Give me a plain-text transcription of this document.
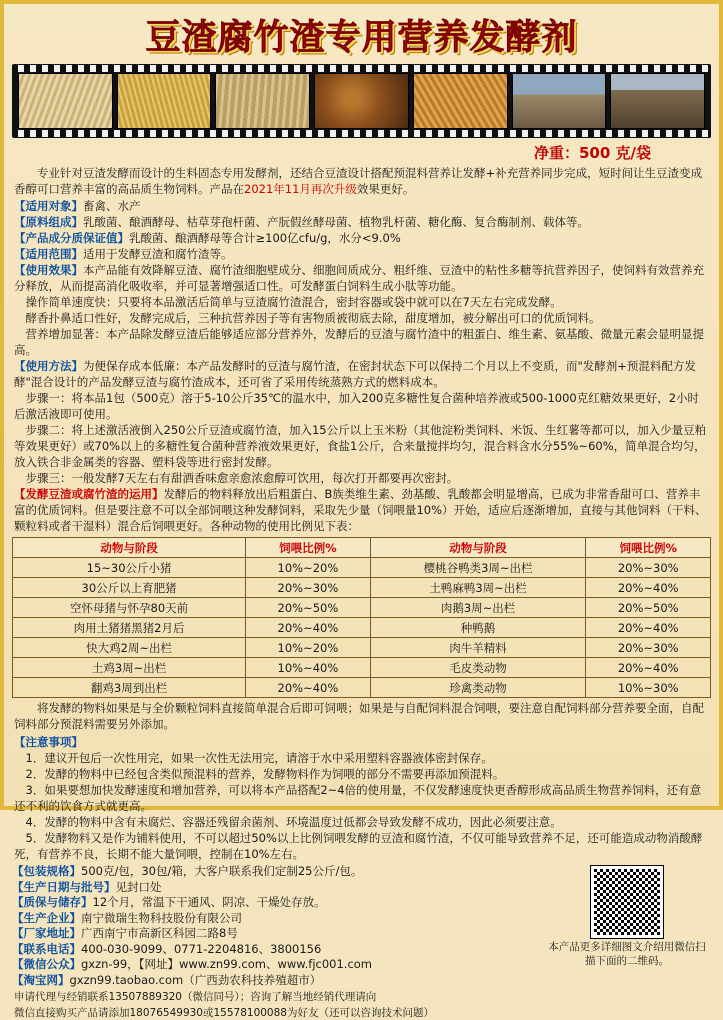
豆渣腐竹渣专用营养发酵剂
净重：500 克/袋
专业针对豆渣发酵而设计的生料固态专用发酵剂，还结合豆渣设计搭配预混料营养让发酵+补充营养同步完成，短时间让生豆渣变成香醇可口营养丰富的高品质生物饲料。产品在2021年11月再次升级效果更好。
【适用对象】畜禽、水产
【原料组成】乳酸菌、酿酒酵母、枯草芽孢杆菌、产朊假丝酵母菌、植物乳杆菌、糖化酶、复合酶制剂、载体等。
【产品成分质保证值】乳酸菌、酿酒酵母等合计≥100亿cfu/g，水分<9.0%
【适用范围】适用于发酵豆渣和腐竹渣等。
【使用效果】本产品能有效降解豆渣、腐竹渣细胞壁成分、细胞间质成分、粗纤维、豆渣中的粘性多糖等抗营养因子，使饲料有效营养充分释放，从而提高消化吸收率，并可显著增强适口性。可发酵蛋白饲料生成小肽等功能。
操作简单速度快：只要将本品激活后简单与豆渣腐竹渣混合，密封容器或袋中就可以在7天左右完成发酵。
酵香扑鼻适口性好，发酵完成后，三种抗营养因子等有害物质被彻底去除，甜度增加，被分解出可口的优质饲料。
营养增加显著：本产品除发酵豆渣后能够适应部分营养外，发酵后的豆渣与腐竹渣中的粗蛋白、维生素、氨基酸、微量元素会显明显提高。
【使用方法】为便保存成本低廉：本产品发酵时的豆渣与腐竹渣，在密封状态下可以保持二个月以上不变质，而"发酵剂+预混料配方发酵"混合设计的产品发酵豆渣与腐竹渣成本，还可省了采用传统蒸熟方式的燃料成本。
步骤一：将本品1包（500克）溶于5-10公斤35℃的温水中，加入200克多糖性复合菌种培养液或500-1000克红糖效果更好，2小时后激活液即可使用。
步骤二：将上述激活液倒入250公斤豆渣或腐竹渣，加入15公斤以上玉米粉（其他淀粉类饲料、米饭、生红薯等都可以，加入少量豆粕等效果更好）或70%以上的多糖性复合菌种营养液效果更好，食盐1公斤，合来量搅拌均匀，混合料含水分55%~60%，简单混合均匀，放入铁合非金属类的容器、塑料袋等进行密封发酵。
步骤三：一般发酵7天左右有甜酒香味愈亲愈浓愈醇可饮用，每次打开都要再次密封。
【发酵豆渣或腐竹渣的运用】发酵后的物料释放出后粗蛋白、B族类维生素、劲基酸、乳酸都会明显增高，已成为非常香甜可口、营养丰富的优质饲料。但是要注意不可以全部饲喂这种发酵饲料，采取先少量（饲喂量10%）开始，适应后逐渐增加，直接与其他饲料（干料、颗粒料或者干湿料）混合后饲喂更好。各种动物的使用比例见下表：
动物与阶段	饲喂比例%	动物与阶段	饲喂比例%
15~30公斤小猪	10%~20%	樱桃谷鸭类3周~出栏	20%~30%
30公斤以上育肥猪	20%~30%	土鸭麻鸭3周~出栏	20%~40%
空怀母猪与怀孕80天前	20%~50%	肉鹅3周~出栏	20%~50%
肉用土猪猪黑猪2月后	20%~40%	种鸭鹅	20%~40%
快大鸡2周~出栏	10%~20%	肉牛羊精料	20%~30%
土鸡3周~出栏	10%~40%	毛皮类动物	20%~40%
翻鸡3周到出栏	20%~40%	珍禽类动物	10%~30%
将发酵的物料如果是与全价颗粒饲料直接简单混合后即可饲喂；如果是与自配饲料混合饲喂，要注意自配饲料部分营养要全面，自配饲料部分预混料需要另外添加。
【注意事项】
1．建议开包后一次性用完，如果一次性无法用完，请溶于水中采用塑料容器液体密封保存。
2．发酵的物料中已经包含类似预混料的营养，发酵物料作为饲喂的部分不需要再添加预混料。
3．如果要想加快发酵速度和增加营养，可以将本产品搭配2~4倍的使用量，不仅发酵速度快更香醇形成高品质生物营养饲料，还有意还不利的饮食方式就更高。
4．发酵的物料中含有未腐烂、容器还残留余菌剂、环境温度过低都会导致发酵不成功，因此必须要注意。
5．发酵物料又是作为铺料使用，不可以超过50%以上比例饲喂发酵的豆渣和腐竹渣，不仅可能导致营养不足，还可能造成动物消酸酵死，有营养不良，长期不能大量饲喂，控制在10%左右。
【包装规格】500克/包，30包/箱，大客户联系我们定制25公斤/包。
【生产日期与批号】见封口处
【质保与储存】12个月，常温下干通风、阴凉、干燥处存放。
【生产企业】南宁微瑞生物科技股份有限公司
【厂家地址】广西南宁市高新区科园二路8号
【联系电话】400-030-9099、0771-2204816、3800156
【微信公众】gxzn-99，【网址】www.zn99.com、www.fjc001.com
【淘宝网】gxzn99.taobao.com（广西劲农科技养殖超市）
本产品更多详细图文介绍用微信扫描下面的二维码。
申请代理与经销联系13507889320（微信同号）；咨询了解当地经销代理请向
微信直接购买产品请添加18076549930或15578100088为好友（还可以咨询技术问题）
